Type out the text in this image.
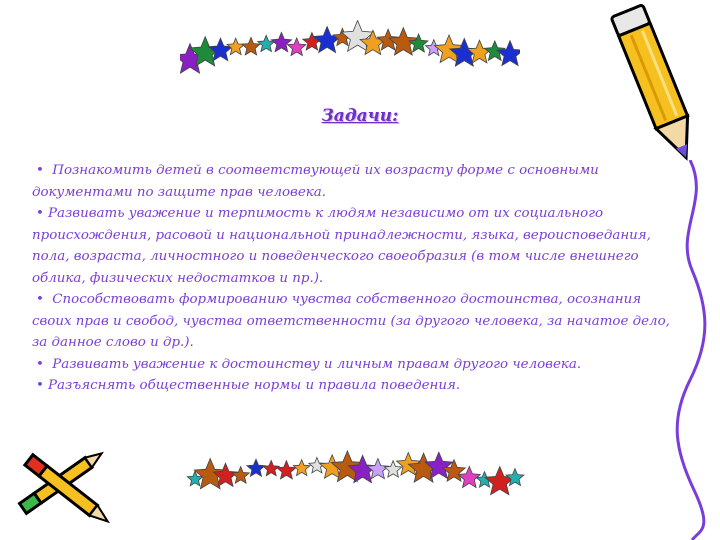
Задачи:
• Познакомить детей в соответствующей их возрасту форме с основными документами по защите прав человека.
• Развивать уважение и терпимость к людям независимо от их социального происхождения, расовой и национальной принадлежности, языка, вероисповедания, пола, возраста, личностного и поведенческого своеобразия (в том числе внешнего облика, физических недостатков и пр.).
• Способствовать формированию чувства собственного достоинства, осознания своих прав и свобод, чувства ответственности (за другого человека, за начатое дело, за данное слово и др.).
• Развивать уважение к достоинству и личным правам другого человека.
• Разъяснять общественные нормы и правила поведения.
